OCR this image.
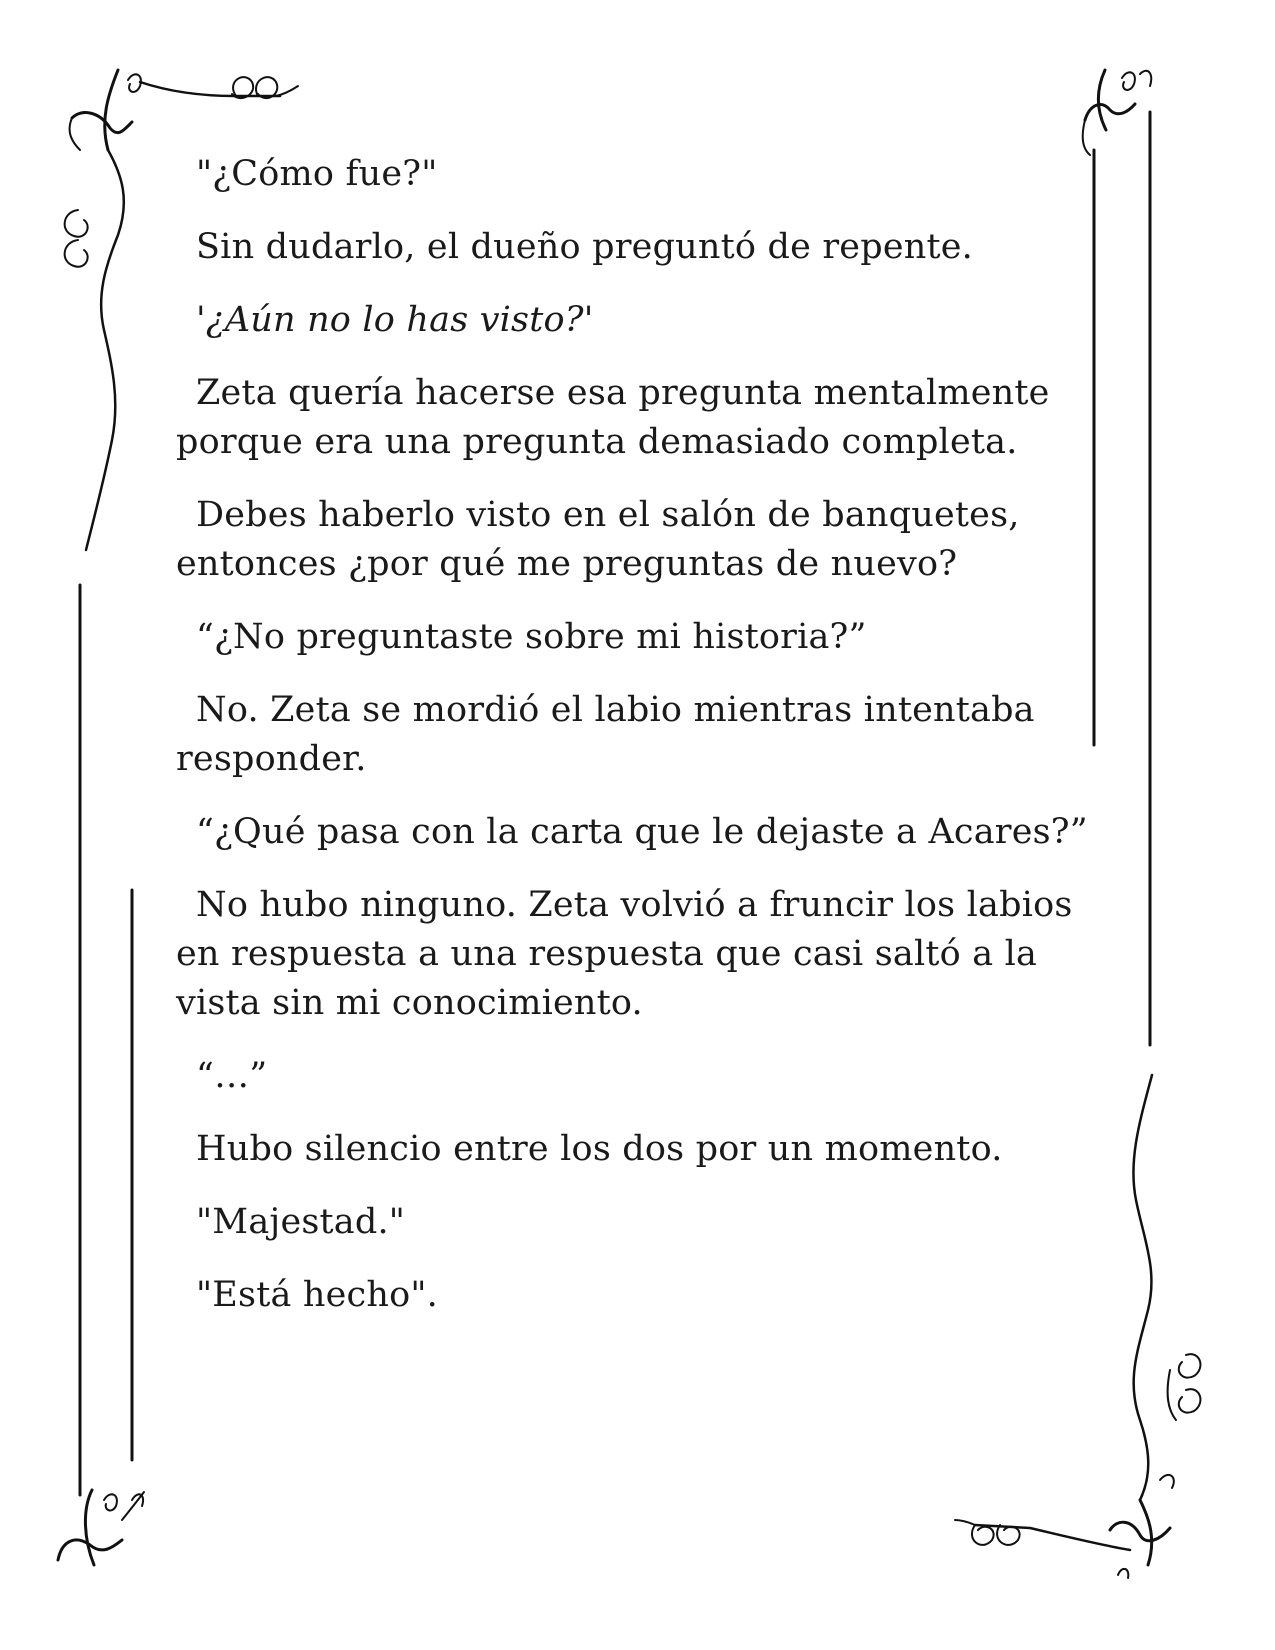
"¿Cómo fue?"

Sin dudarlo, el dueño preguntó de repente.

'¿Aún no lo has visto?'

Zeta quería hacerse esa pregunta mentalmente porque era una pregunta demasiado completa.

Debes haberlo visto en el salón de banquetes, entonces ¿por qué me preguntas de nuevo?

“¿No preguntaste sobre mi historia?”

No. Zeta se mordió el labio mientras intentaba responder.

“¿Qué pasa con la carta que le dejaste a Acares?”

No hubo ninguno. Zeta volvió a fruncir los labios en respuesta a una respuesta que casi saltó a la vista sin mi conocimiento.

“…”

Hubo silencio entre los dos por un momento.

"Majestad."

"Está hecho".
